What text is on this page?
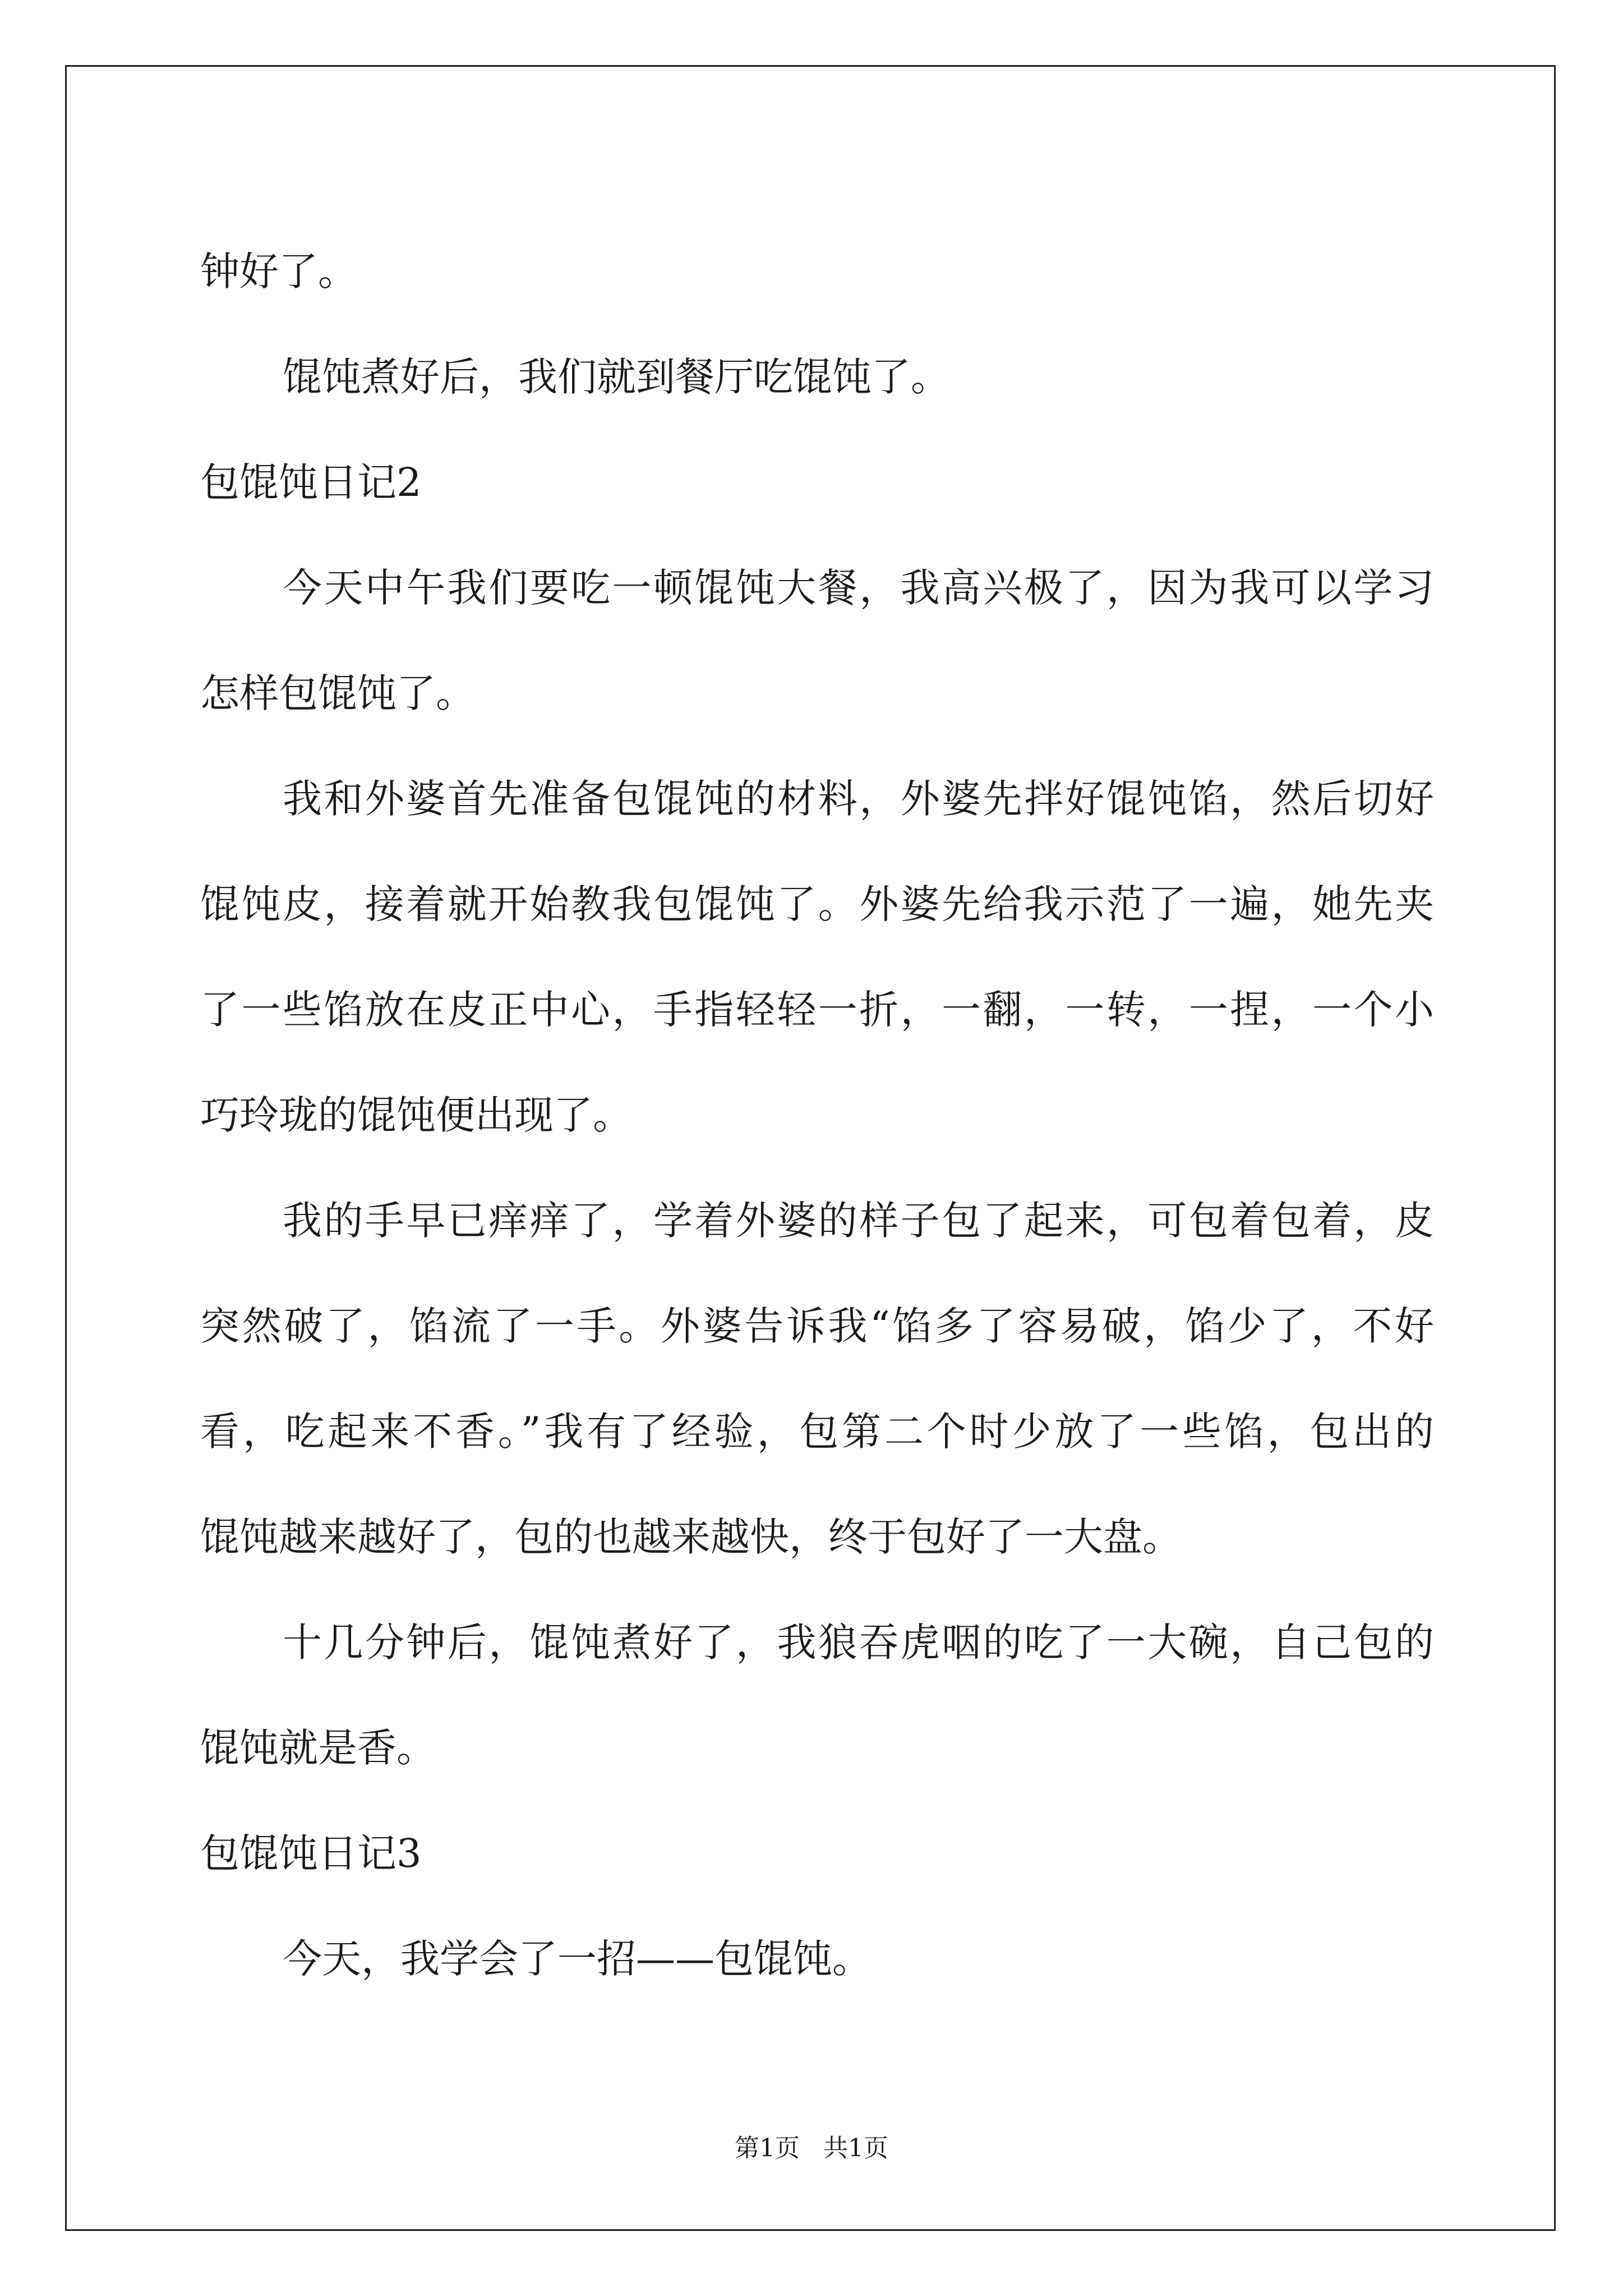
钟好了。
馄饨煮好后，我们就到餐厅吃馄饨了。
包馄饨日记2
今天中午我们要吃一顿馄饨大餐，我高兴极了，因为我可以学习
怎样包馄饨了。
我和外婆首先准备包馄饨的材料，外婆先拌好馄饨馅，然后切好
馄饨皮，接着就开始教我包馄饨了。外婆先给我示范了一遍，她先夹
了一些馅放在皮正中心，手指轻轻一折，一翻，一转，一捏，一个小
巧玲珑的馄饨便出现了。
我的手早已痒痒了，学着外婆的样子包了起来，可包着包着，皮
突然破了，馅流了一手。外婆告诉我“馅多了容易破，馅少了，不好
看，吃起来不香。”我有了经验，包第二个时少放了一些馅，包出的
馄饨越来越好了，包的也越来越快，终于包好了一大盘。
十几分钟后，馄饨煮好了，我狼吞虎咽的吃了一大碗，自己包的
馄饨就是香。
包馄饨日记3
今天，我学会了一招——包馄饨。
第1页   共1页
